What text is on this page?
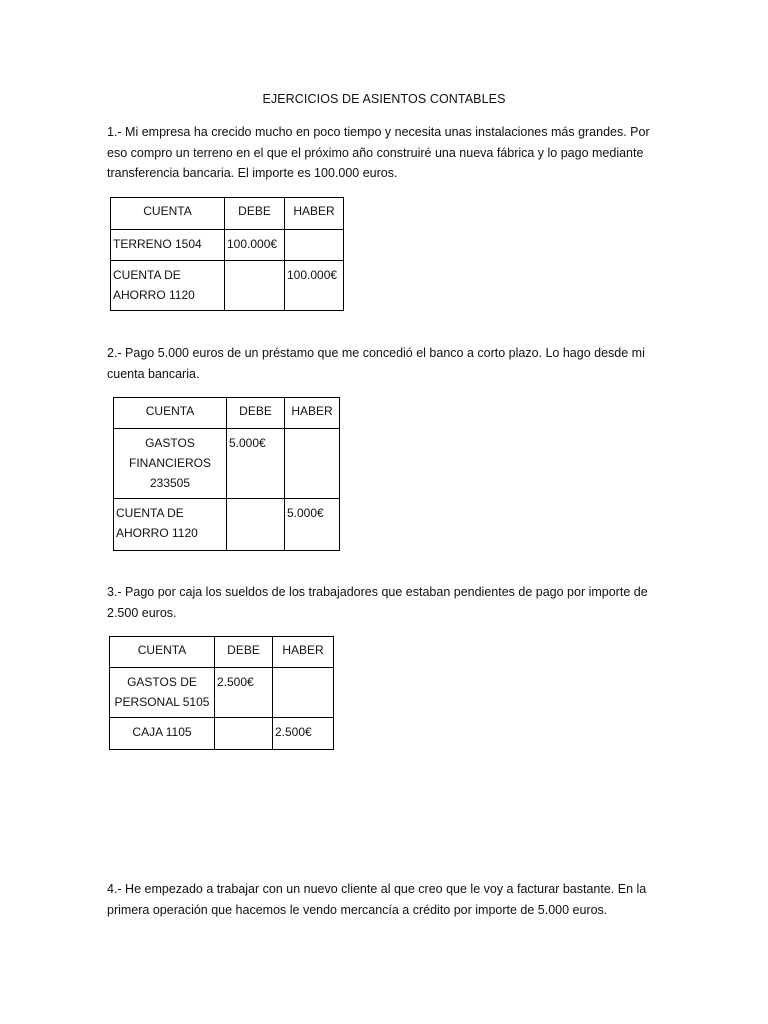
EJERCICIOS DE ASIENTOS CONTABLES

1.- Mi empresa ha crecido mucho en poco tiempo y necesita unas instalaciones más grandes. Por

eso compro un terreno en el que el próximo año construiré una nueva fábrica y lo pago mediante

transferencia bancaria. El importe es 100.000 euros.

CUENTA	DEBE	HABER

TERRENO 1504	100.000€	

CUENTA DE
AHORRO 1120		100.000€

2.- Pago 5.000 euros de un préstamo que me concedió el banco a corto plazo. Lo hago desde mi

cuenta bancaria.

CUENTA	DEBE	HABER

GASTOS
FINANCIEROS
233505	5.000€	

CUENTA DE
AHORRO 1120		5.000€

3.- Pago por caja los sueldos de los trabajadores que estaban pendientes de pago por importe de

2.500 euros.

CUENTA	DEBE	HABER

GASTOS DE
PERSONAL 5105	2.500€	

CAJA 1105		2.500€

4.- He empezado a trabajar con un nuevo cliente al que creo que le voy a facturar bastante. En la

primera operación que hacemos le vendo mercancía a crédito por importe de 5.000 euros.
